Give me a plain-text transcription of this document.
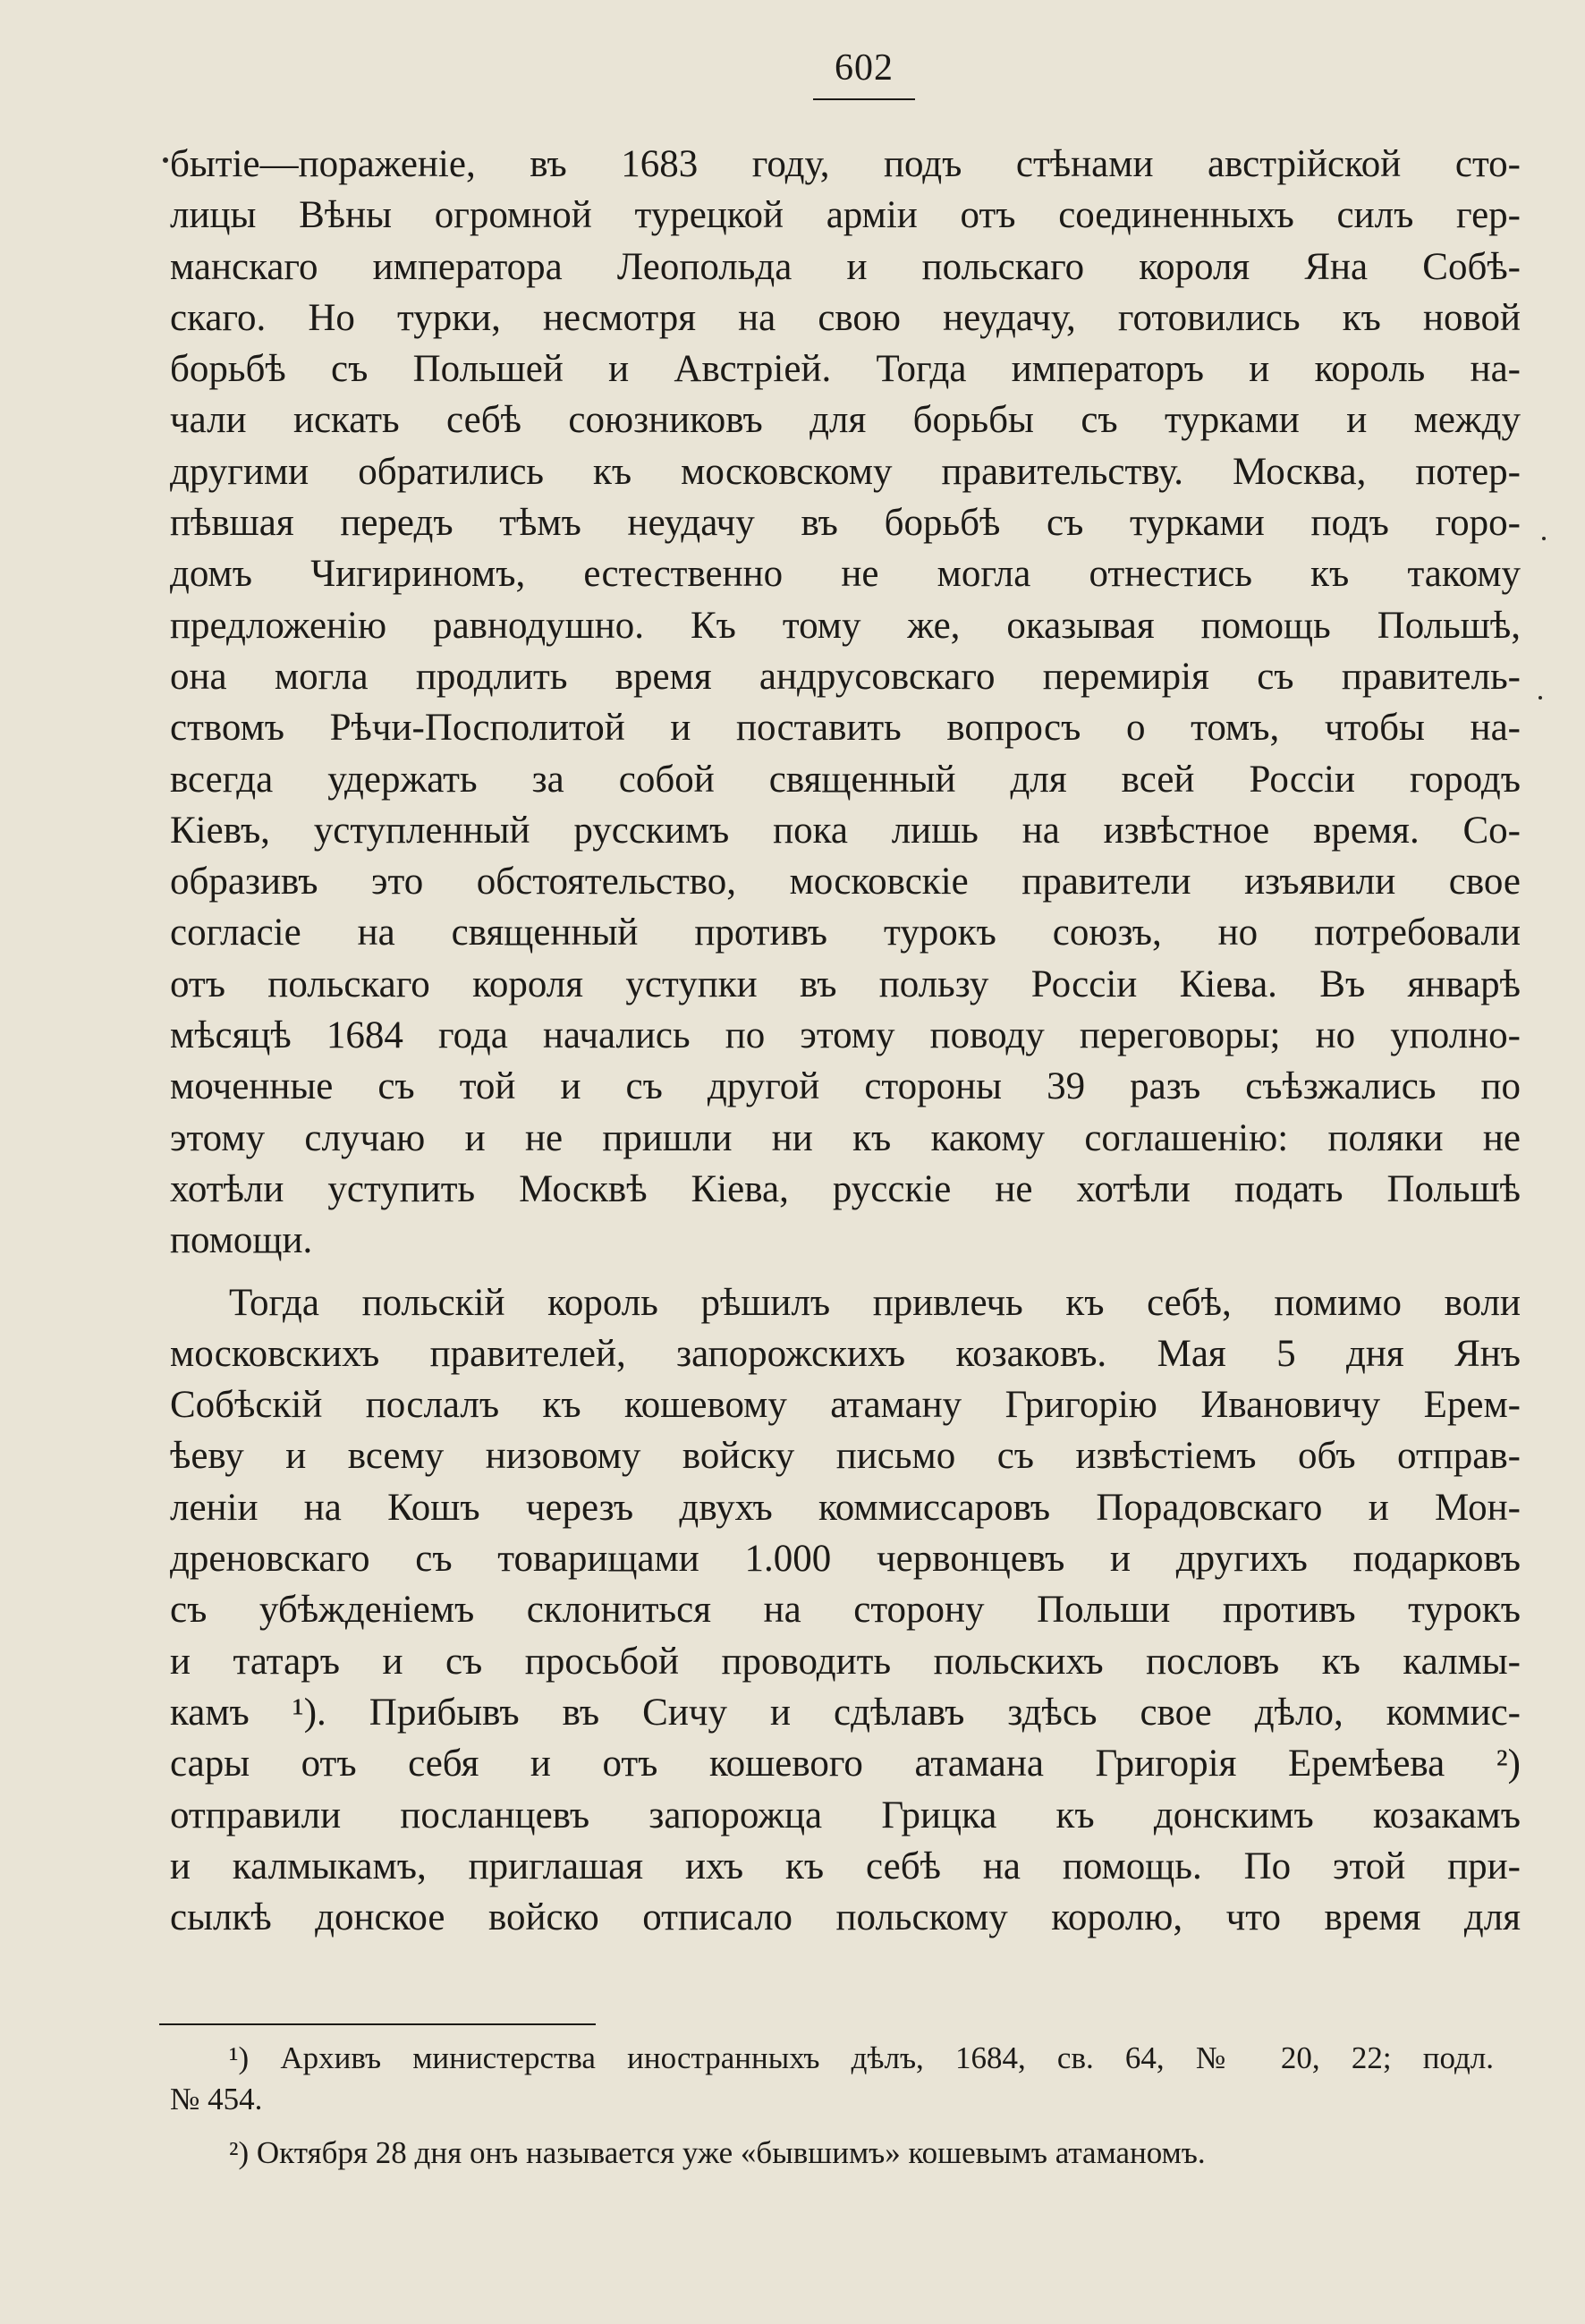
602
бытiе—пораженiе, въ 1683 году, подъ стѣнами австрiйской сто-
лицы Вѣны огромной турецкой армiи отъ соединенныхъ силъ гер-
манскаго императора Леопольда и польскаго короля Яна Собѣ-
скаго. Но турки, несмотря на свою неудачу, готовились къ новой
борьбѣ съ Польшей и Австрiей. Тогда императоръ и король на-
чали искать себѣ союзниковъ для борьбы съ турками и между
другими обратились къ московскому правительству. Москва, потер-
пѣвшая передъ тѣмъ неудачу въ борьбѣ съ турками подъ горо-
домъ Чигириномъ, естественно не могла отнестись къ такому
предложенiю равнодушно. Къ тому же, оказывая помощь Польшѣ,
она могла продлить время андрусовскаго перемирiя съ правитель-
ствомъ Рѣчи-Посполитой и поставить вопросъ о томъ, чтобы на-
всегда удержать за собой священный для всей Россiи городъ
Кiевъ, уступленный русскимъ пока лишь на извѣстное время. Со-
образивъ это обстоятельство, московскiе правители изъявили свое
согласiе на священный противъ турокъ союзъ, но потребовали
отъ польскаго короля уступки въ пользу Россiи Кiева. Въ январѣ
мѣсяцѣ 1684 года начались по этому поводу переговоры; но уполно-
моченные съ той и съ другой стороны 39 разъ съѣзжались по
этому случаю и не пришли ни къ какому соглашенiю: поляки не
хотѣли уступить Москвѣ Кiева, русскiе не хотѣли подать Польшѣ
помощи.
Тогда польскiй король рѣшилъ привлечь къ себѣ, помимо воли
московскихъ правителей, запорожскихъ козаковъ. Мая 5 дня Янъ
Собѣскiй послалъ къ кошевому атаману Григорiю Ивановичу Ерем-
ѣеву и всему низовому войску письмо съ извѣстiемъ объ отправ-
ленiи на Кошъ черезъ двухъ коммиссаровъ Порадовскаго и Мон-
дреновскаго съ товарищами 1.000 червонцевъ и другихъ подарковъ
съ убѣжденiемъ склониться на сторону Польши противъ турокъ
и татаръ и съ просьбой проводить польскихъ пословъ къ калмы-
камъ ¹). Прибывъ въ Сичу и сдѣлавъ здѣсь свое дѣло, коммис-
сары отъ себя и отъ кошевого атамана Григорiя Еремѣева ²)
отправили посланцевъ запорожца Грицка къ донскимъ козакамъ
и калмыкамъ, приглашая ихъ къ себѣ на помощь. По этой при-
сылкѣ донское войско отписало польскому королю, что время для
¹) Архивъ министерства иностранныхъ дѣлъ, 1684, св. 64, № 20, 22; подл.
№ 454.
²) Октября 28 дня онъ называется уже «бывшимъ» кошевымъ атаманомъ.
